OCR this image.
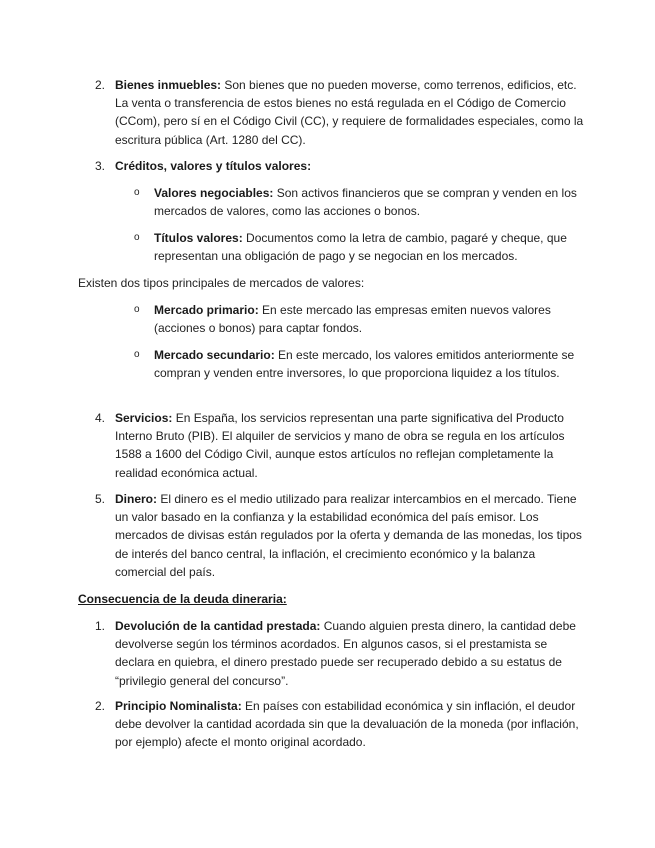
2. Bienes inmuebles: Son bienes que no pueden moverse, como terrenos, edificios, etc. La venta o transferencia de estos bienes no está regulada en el Código de Comercio (CCom), pero sí en el Código Civil (CC), y requiere de formalidades especiales, como la escritura pública (Art. 1280 del CC).
3. Créditos, valores y títulos valores:
o Valores negociables: Son activos financieros que se compran y venden en los mercados de valores, como las acciones o bonos.
o Títulos valores: Documentos como la letra de cambio, pagaré y cheque, que representan una obligación de pago y se negocian en los mercados.
Existen dos tipos principales de mercados de valores:
o Mercado primario: En este mercado las empresas emiten nuevos valores (acciones o bonos) para captar fondos.
o Mercado secundario: En este mercado, los valores emitidos anteriormente se compran y venden entre inversores, lo que proporciona liquidez a los títulos.
4. Servicios: En España, los servicios representan una parte significativa del Producto Interno Bruto (PIB). El alquiler de servicios y mano de obra se regula en los artículos 1588 a 1600 del Código Civil, aunque estos artículos no reflejan completamente la realidad económica actual.
5. Dinero: El dinero es el medio utilizado para realizar intercambios en el mercado. Tiene un valor basado en la confianza y la estabilidad económica del país emisor. Los mercados de divisas están regulados por la oferta y demanda de las monedas, los tipos de interés del banco central, la inflación, el crecimiento económico y la balanza comercial del país.
Consecuencia de la deuda dineraria:
1. Devolución de la cantidad prestada: Cuando alguien presta dinero, la cantidad debe devolverse según los términos acordados. En algunos casos, si el prestamista se declara en quiebra, el dinero prestado puede ser recuperado debido a su estatus de “privilegio general del concurso”.
2. Principio Nominalista: En países con estabilidad económica y sin inflación, el deudor debe devolver la cantidad acordada sin que la devaluación de la moneda (por inflación, por ejemplo) afecte el monto original acordado.
